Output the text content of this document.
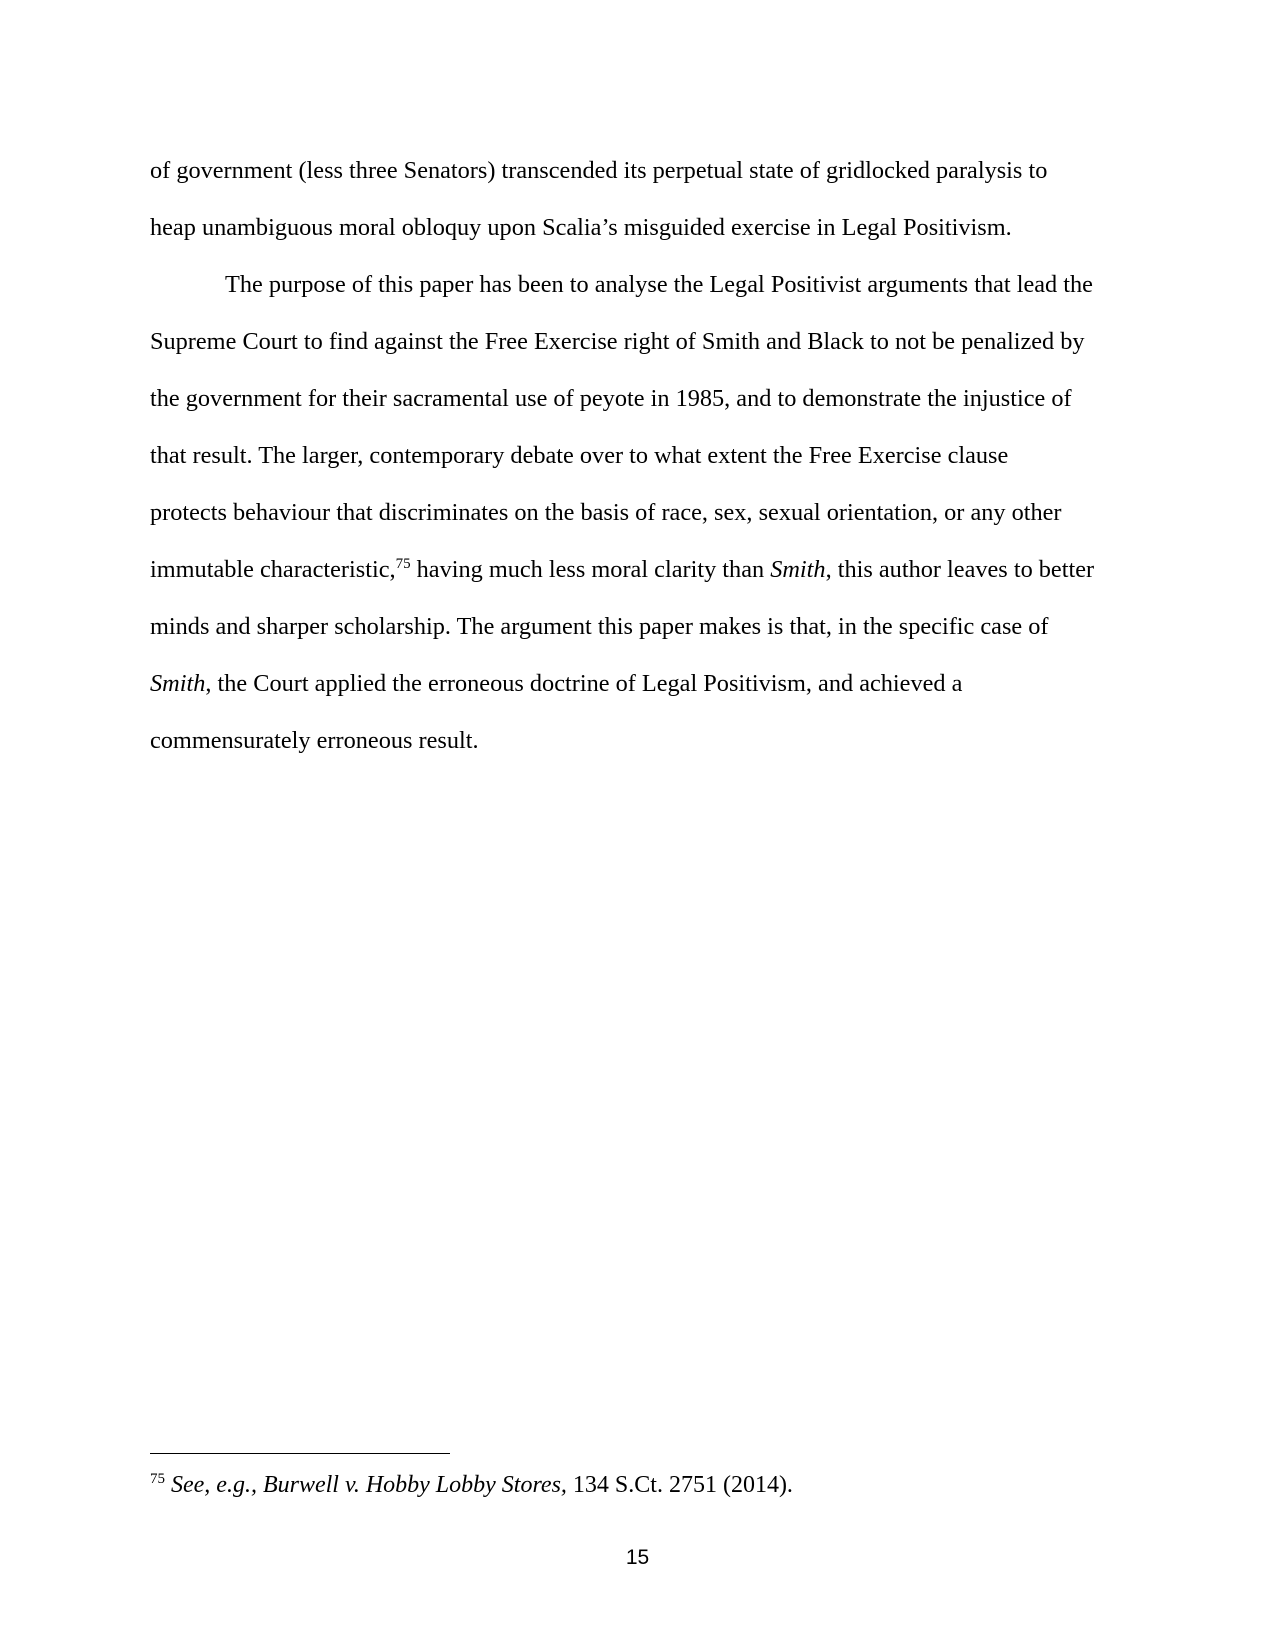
of government (less three Senators) transcended its perpetual state of gridlocked paralysis to
heap unambiguous moral obloquy upon Scalia’s misguided exercise in Legal Positivism.
The purpose of this paper has been to analyse the Legal Positivist arguments that lead the
Supreme Court to find against the Free Exercise right of Smith and Black to not be penalized by
the government for their sacramental use of peyote in 1985, and to demonstrate the injustice of
that result. The larger, contemporary debate over to what extent the Free Exercise clause
protects behaviour that discriminates on the basis of race, sex, sexual orientation, or any other
immutable characteristic,$^{75}$ having much less moral clarity than Smith, this author leaves to better
minds and sharper scholarship. The argument this paper makes is that, in the specific case of
Smith, the Court applied the erroneous doctrine of Legal Positivism, and achieved a
commensurately erroneous result.
$^{75}$ See, e.g., Burwell v. Hobby Lobby Stores, 134 S.Ct. 2751 (2014).
15
